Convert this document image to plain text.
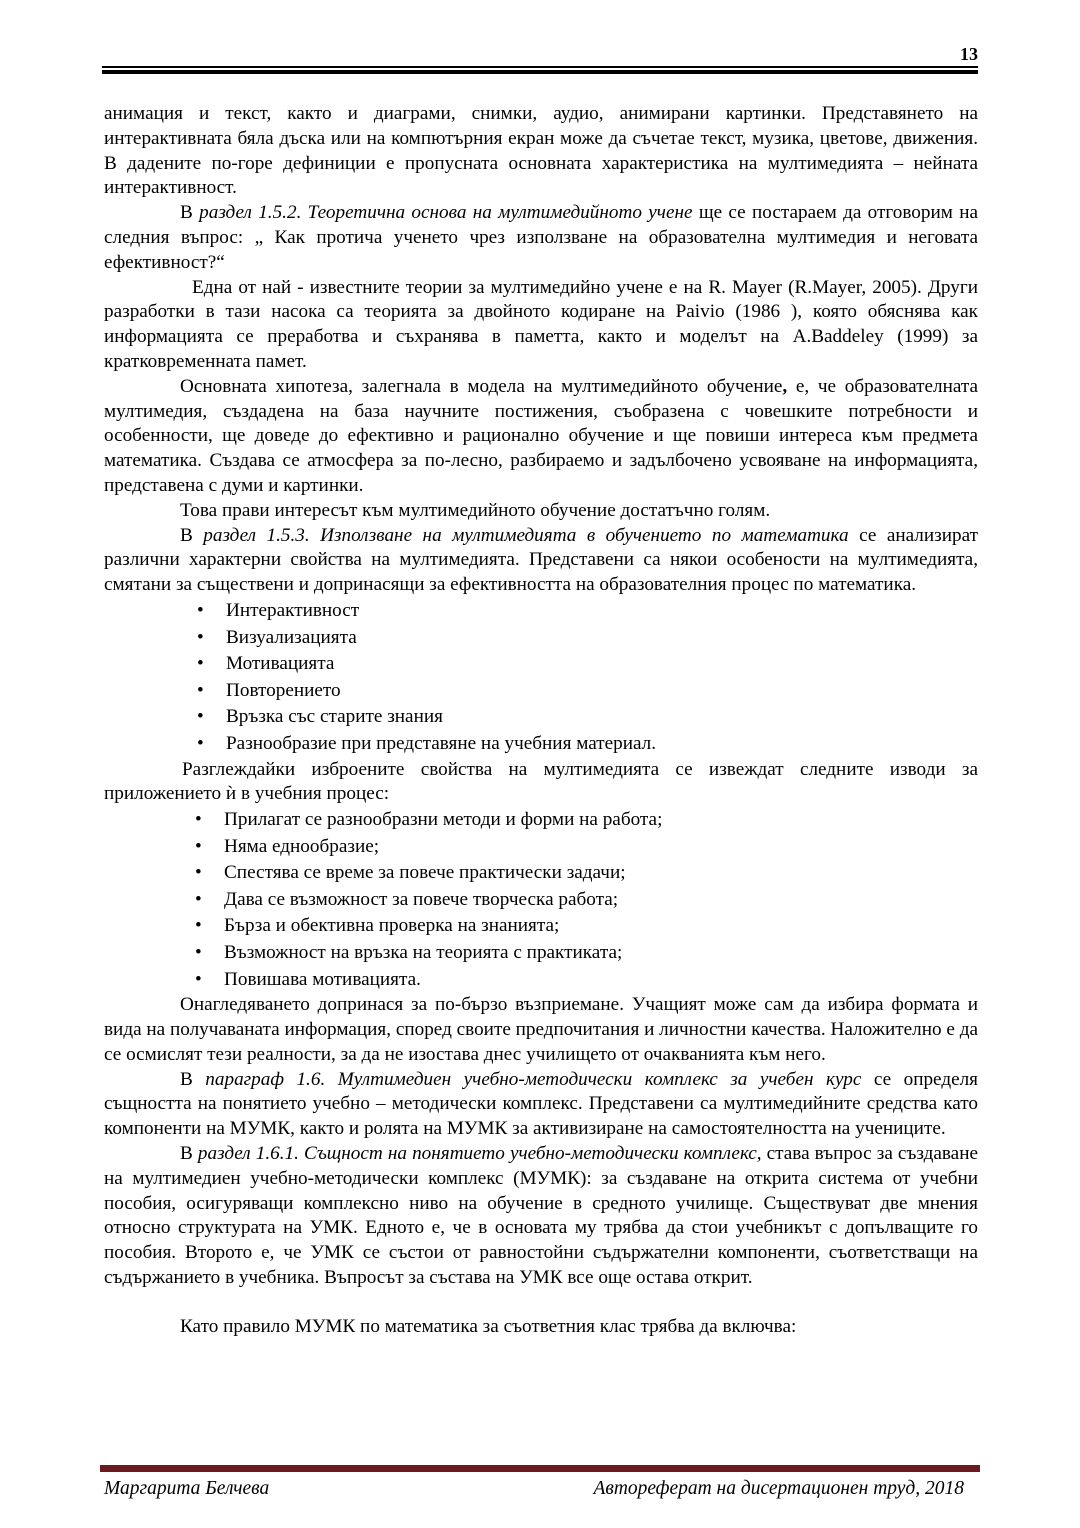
13

анимация и текст, както и диаграми, снимки, аудио, анимирани картинки. Представянето на интерактивната бяла дъска или на компютърния екран може да съчетае текст, музика, цветове, движения. В дадените по-горе дефиниции е пропусната основната характеристика на мултимедията – нейната интерактивност.

В раздел 1.5.2. Теоретична основа на мултимедийното учене ще се постараем да отговорим на следния въпрос: „ Как протича ученето чрез използване на образователна мултимедия и неговата ефективност?“

Една от най - известните теории за мултимедийно учене е на R. Mayer (R.Mayer, 2005). Други разработки в тази насока са теорията за двойното кодиране на Paivio (1986 ), която обяснява как информацията се преработва и съхранява в паметта, както и моделът на A.Baddeley (1999) за кратковременната памет.

Основната хипотеза, залегнала в модела на мултимедийното обучение, е, че образователната мултимедия, създадена на база научните постижения, съобразена с човешките потребности и особенности, ще доведе до ефективно и рационално обучение и ще повиши интереса към предмета математика. Създава се атмосфера за по-лесно, разбираемо и задълбочено усвояване на информацията, представена с думи и картинки.

Това прави интересът към мултимедийното обучение достатъчно голям.

В раздел 1.5.3. Използване на мултимедията в обучението по математика се анализират различни характерни свойства на мултимедията. Представени са някои особености на мултимедията, смятани за съществени и допринасящи за ефективността на образователния процес по математика.

• Интерактивност
• Визуализацията
• Мотивацията
• Повторението
• Връзка със старите знания
• Разнообразие при представяне на учебния материал.

Разглеждайки изброените свойства на мултимедията се извеждат следните изводи за приложението ѝ в учебния процес:

• Прилагат се разнообразни методи и форми на работа;
• Няма еднообразие;
• Спестява се време за повече практически задачи;
• Дава се възможност за повече творческа работа;
• Бърза и обективна проверка на знанията;
• Възможност на връзка на теорията с практиката;
• Повишава мотивацията.

Онагледяването допринася за по-бързо възприемане. Учащият може сам да избира формата и вида на получаваната информация, според своите предпочитания и личностни качества. Наложително е да се осмислят тези реалности, за да не изостава днес училището от очакванията към него.

В параграф 1.6. Мултимедиен учебно-методически комплекс за учебен курс се определя същността на понятието учебно – методически комплекс. Представени са мултимедийните средства като компоненти на МУМК, както и ролята на МУМК за активизиране на самостоятелността на учениците.

В раздел 1.6.1. Същност на понятието учебно-методически комплекс, става въпрос за създаване на мултимедиен учебно-методически комплекс (МУМК): за създаване на открита система от учебни пособия, осигуряващи комплексно ниво на обучение в средното училище. Съществуват две мнения относно структурата на УМК. Едното е, че в основата му трябва да стои учебникът с допълващите го пособия. Второто е, че УМК се състои от равностойни съдържателни компоненти, съответстващи на съдържанието в учебника. Въпросът за състава на УМК все още остава открит.

Като правило МУМК по математика за съответния клас трябва да включва:

Маргарита Белчева	Автореферат на дисертационен труд, 2018
